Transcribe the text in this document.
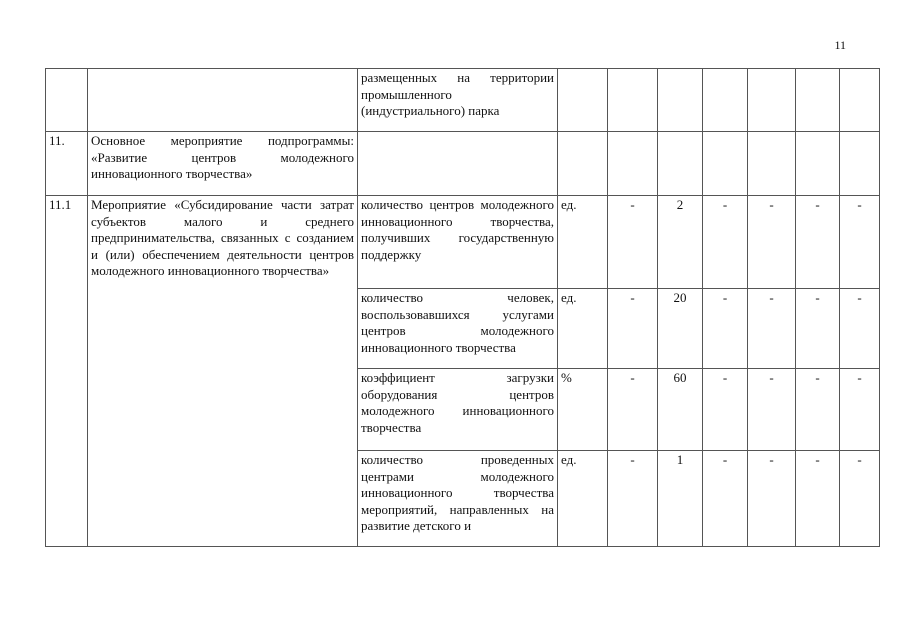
11
		размещенных на территории промышленного (индустриального) парка							
11.	Основное мероприятие подпрограммы: «Развитие центров молодежного инновационного творчества»								
11.1	Мероприятие «Субсидирование части затрат субъектов малого и среднего предпринимательства, связанных с созданием и (или) обеспечением деятельности центров молодежного инновационного творчества»	количество центров молодежного инновационного творчества, получивших государственную поддержку	ед.	-	2	-	-	-	-
		количество человек, воспользовавшихся услугами центров молодежного инновационного творчества	ед.	-	20	-	-	-	-
		коэффициент загрузки оборудования центров молодежного инновационного творчества	%	-	60	-	-	-	-
		количество проведенных центрами молодежного инновационного творчества мероприятий, направленных на развитие детского и	ед.	-	1	-	-	-	-
